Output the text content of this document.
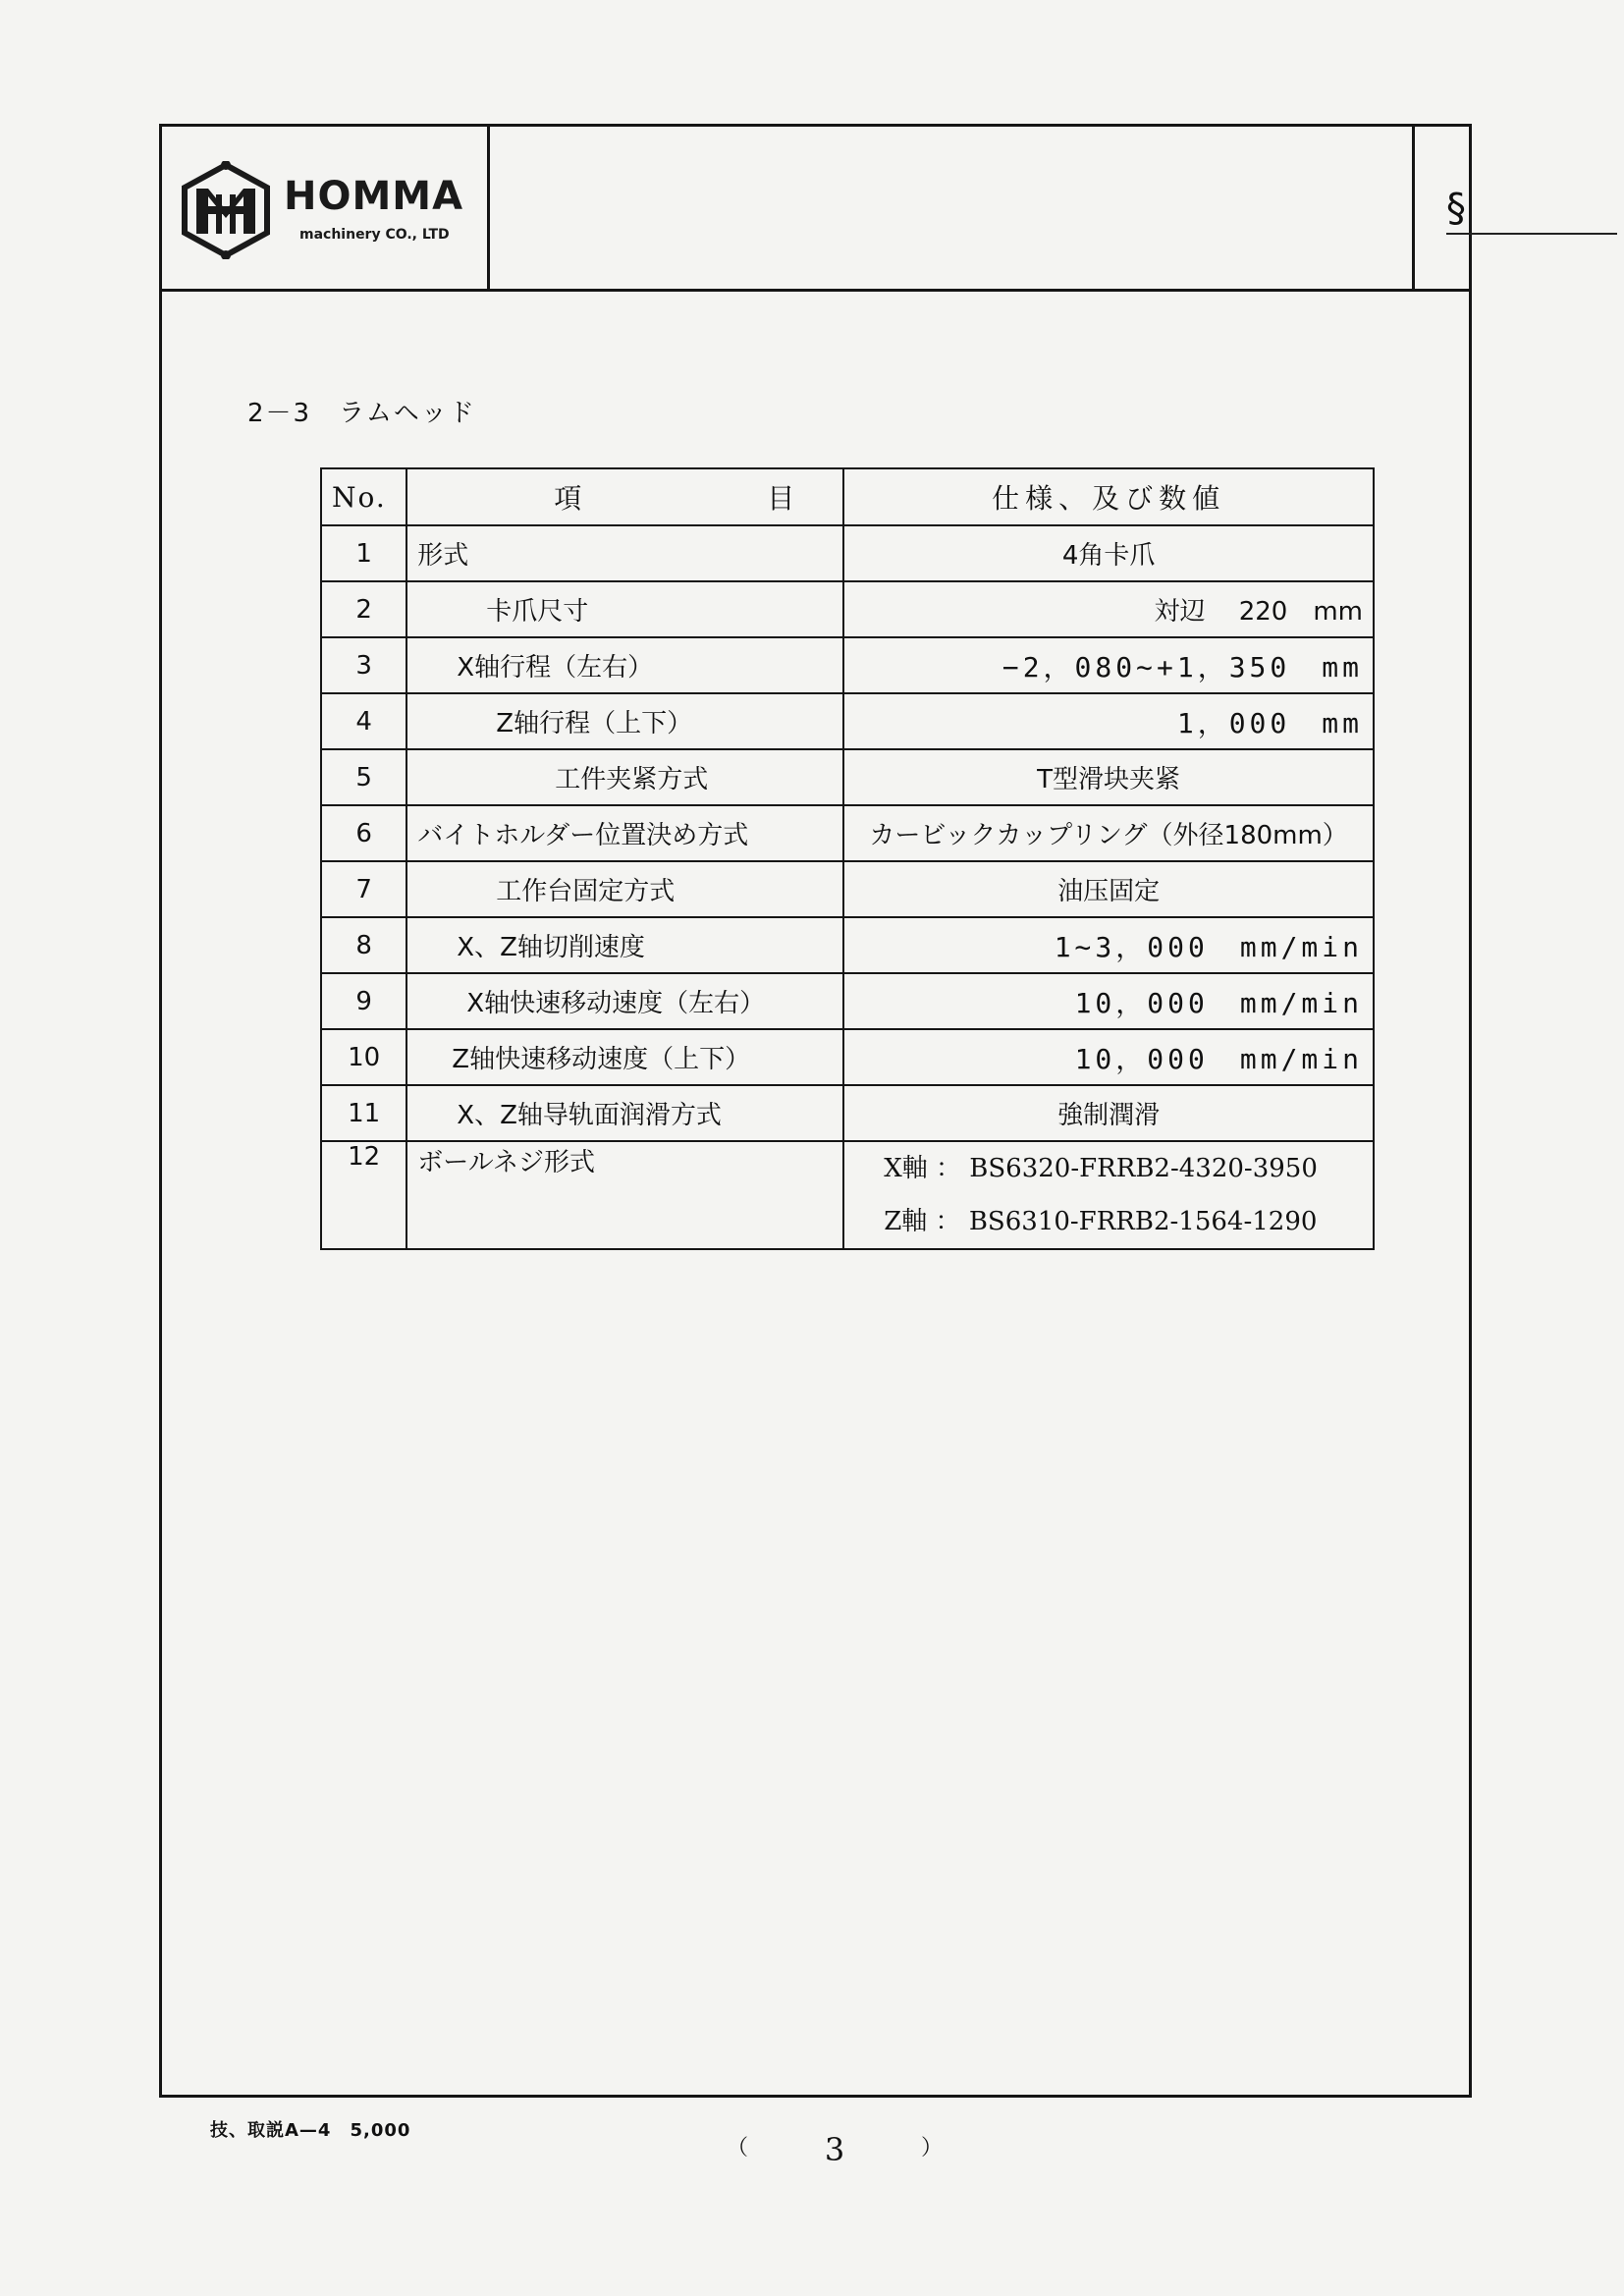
HOMMA
machinery CO., LTD
§
2－3　ラムヘッド
No.	項 目	仕様、及び数値
1	形式	4角卡爪
2	卡爪尺寸	対辺　 220　mm
3	X轴行程（左右）	−2，080∼+1，350　mm
4	Z轴行程（上下）	1，000　mm
5	工件夹紧方式	T型滑块夹紧
6	バイトホルダー位置決め方式	カービックカップリング（外径180mm）
7	工作台固定方式	油压固定
8	X、Z轴切削速度	1∼3，000　mm/min
9	X轴快速移动速度（左右）	10，000　mm/min
10	Z轴快速移动速度（上下）	10，000　mm/min
11	X、Z轴导轨面润滑方式	強制潤滑
12	ボールネジ形式	X軸 ： BS6320-FRRB2-4320-3950
Z軸 ： BS6310-FRRB2-1564-1290
技、取説A—4　5,000
（ 3	）
